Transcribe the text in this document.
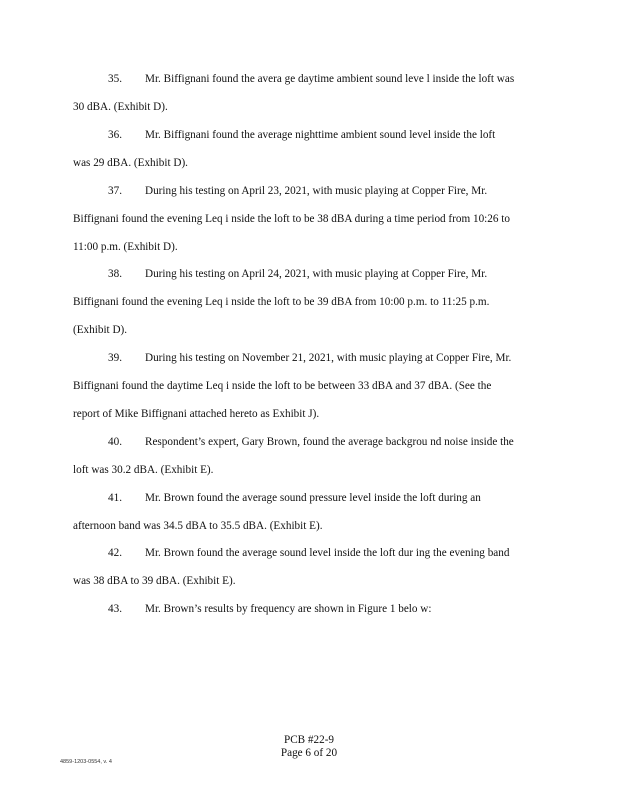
35. Mr. Biffignani found the avera ge daytime ambient sound leve l inside the loft was
30 dBA. (Exhibit D).
36. Mr. Biffignani found the average nighttime ambient sound level inside the loft
was 29 dBA. (Exhibit D).
37. During his testing on April 23, 2021, with music playing at Copper Fire, Mr.
Biffignani found the evening Leq i nside the loft to be 38 dBA during a time period from 10:26 to
11:00 p.m. (Exhibit D).
38. During his testing on April 24, 2021, with music playing at Copper Fire, Mr.
Biffignani found the evening Leq i nside the loft to be 39 dBA from 10:00 p.m. to 11:25 p.m.
(Exhibit D).
39. During his testing on November 21, 2021, with music playing at Copper Fire, Mr.
Biffignani found the daytime Leq i nside the loft to be between 33 dBA and 37 dBA. (See the
report of Mike Biffignani attached hereto as Exhibit J).
40. Respondent’s expert, Gary Brown, found the average backgrou nd noise inside the
loft was 30.2 dBA. (Exhibit E).
41. Mr. Brown found the average sound pressure level inside the loft during an
afternoon band was 34.5 dBA to 35.5 dBA. (Exhibit E).
42. Mr. Brown found the average sound level inside the loft dur ing the evening band
was 38 dBA to 39 dBA. (Exhibit E).
43. Mr. Brown’s results by frequency are shown in Figure 1 belo w:
PCB #22-9
Page 6 of 20
4859-1203-0554, v. 4
